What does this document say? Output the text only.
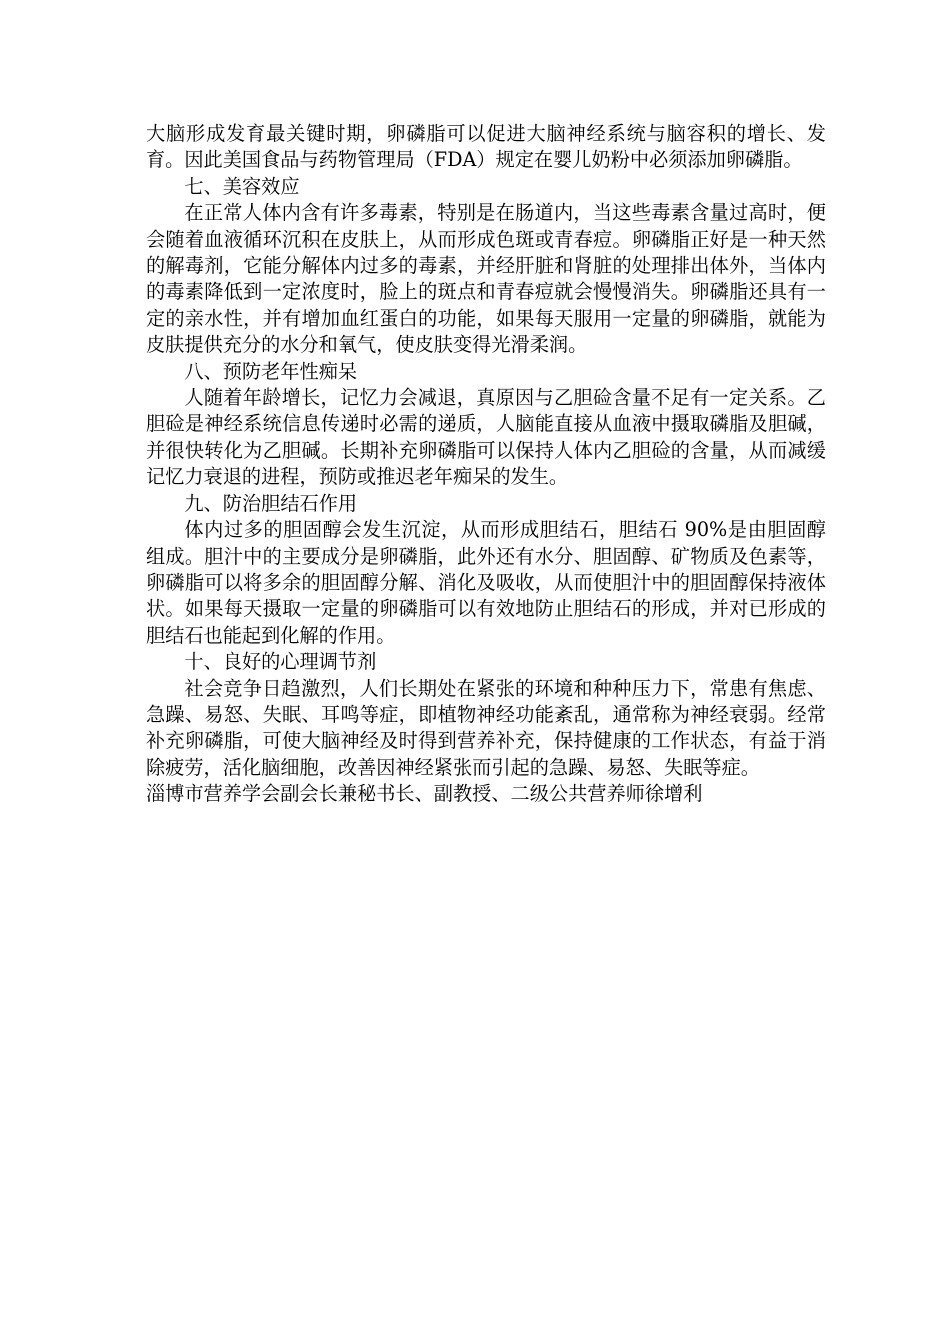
大脑形成发育最关键时期，卵磷脂可以促进大脑神经系统与脑容积的增长、发育。因此美国食品与药物管理局（FDA）规定在婴儿奶粉中必须添加卵磷脂。

七、美容效应

在正常人体内含有许多毒素，特别是在肠道内，当这些毒素含量过高时，便会随着血液循环沉积在皮肤上，从而形成色斑或青春痘。卵磷脂正好是一种天然的解毒剂，它能分解体内过多的毒素，并经肝脏和肾脏的处理排出体外，当体内的毒素降低到一定浓度时，脸上的斑点和青春痘就会慢慢消失。卵磷脂还具有一定的亲水性，并有增加血红蛋白的功能，如果每天服用一定量的卵磷脂，就能为皮肤提供充分的水分和氧气，使皮肤变得光滑柔润。

八、预防老年性痴呆

人随着年龄增长，记忆力会减退，真原因与乙胆硷含量不足有一定关系。乙胆硷是神经系统信息传递时必需的递质，人脑能直接从血液中摄取磷脂及胆碱，并很快转化为乙胆碱。长期补充卵磷脂可以保持人体内乙胆硷的含量，从而减缓记忆力衰退的进程，预防或推迟老年痴呆的发生。

九、防治胆结石作用

体内过多的胆固醇会发生沉淀，从而形成胆结石，胆结石 90%是由胆固醇组成。胆汁中的主要成分是卵磷脂，此外还有水分、胆固醇、矿物质及色素等，卵磷脂可以将多余的胆固醇分解、消化及吸收，从而使胆汁中的胆固醇保持液体状。如果每天摄取一定量的卵磷脂可以有效地防止胆结石的形成，并对已形成的胆结石也能起到化解的作用。

十、良好的心理调节剂

社会竞争日趋激烈，人们长期处在紧张的环境和种种压力下，常患有焦虑、急躁、易怒、失眠、耳鸣等症，即植物神经功能紊乱，通常称为神经衰弱。经常补充卵磷脂，可使大脑神经及时得到营养补充，保持健康的工作状态，有益于消除疲劳，活化脑细胞，改善因神经紧张而引起的急躁、易怒、失眠等症。

淄博市营养学会副会长兼秘书长、副教授、二级公共营养师徐增利
